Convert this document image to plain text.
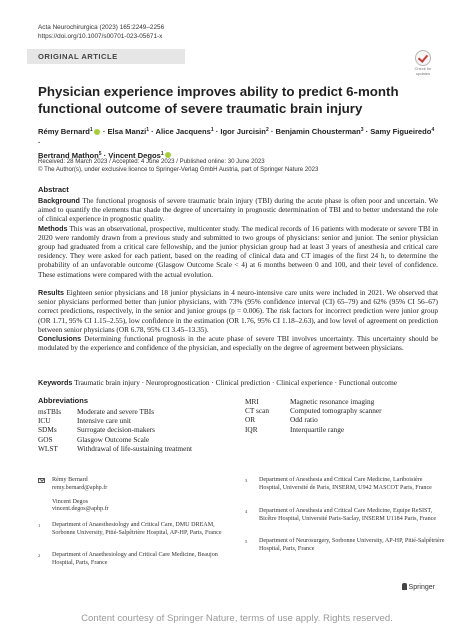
Acta Neurochirurgica (2023) 165:2249–2256
https://doi.org/10.1007/s00701-023-05671-x
ORIGINAL ARTICLE
Check for updates
Physician experience improves ability to predict 6-month functional outcome of severe traumatic brain injury
Rémy Bernard$^1$ · Elsa Manzi$^1$ · Alice Jacquens$^1$ · Igor Jurcisin$^2$ · Benjamin Chousterman$^3$ · Samy Figueiredo$^4$ ·
Bertrand Mathon$^5$ · Vincent Degos$^1$
Received: 28 March 2023 / Accepted: 4 June 2023 / Published online: 30 June 2023
© The Author(s), under exclusive licence to Springer-Verlag GmbH Austria, part of Springer Nature 2023
Abstract

Background The functional prognosis of severe traumatic brain injury (TBI) during the acute phase is often poor and uncertain. We aimed to quantify the elements that shade the degree of uncertainty in prognostic determination of TBI and to better understand the role of clinical experience in prognostic quality.

Methods This was an observational, prospective, multicenter study. The medical records of 16 patients with moderate or severe TBI in 2020 were randomly drawn from a previous study and submitted to two groups of physicians: senior and junior. The senior physician group had graduated from a critical care fellowship, and the junior physician group had at least 3 years of anesthesia and critical care residency. They were asked for each patient, based on the reading of clinical data and CT images of the first 24 h, to determine the probability of an unfavorable outcome (Glasgow Outcome Scale < 4) at 6 months between 0 and 100, and their level of confidence. These estimations were compared with the actual evolution.

Results Eighteen senior physicians and 18 junior physicians in 4 neuro-intensive care units were included in 2021. We observed that senior physicians performed better than junior physicians, with 73% (95% confidence interval (CI) 65–79) and 62% (95% CI 56–67) correct predictions, respectively, in the senior and junior groups (p = 0.006). The risk factors for incorrect prediction were junior group (OR 1.71, 95% CI 1.15–2.55), low confidence in the estimation (OR 1.76, 95% CI 1.18–2.63), and low level of agreement on prediction between senior physicians (OR 6.78, 95% CI 3.45–13.35).

Conclusions Determining functional prognosis in the acute phase of severe TBI involves uncertainty. This uncertainty should be modulated by the experience and confidence of the physician, and especially on the degree of agreement between physicians.

Keywords Traumatic brain injury · Neuroprognostication · Clinical prediction · Clinical experience · Functional outcome

Abbreviations
msTBIs	Moderate and severe TBIs
ICU	Intensive care unit
SDMs	Surrogate decision-makers
GOS	Glasgow Outcome Scale
WLST	Withdrawal of life-sustaining treatment
MRI	Magnetic resonance imaging
CT scan	Computed tomography scanner
OR	Odd ratio
IQR	Interquartile range
Rémy Bernard
remy.bernard@aphp.fr
Vincent Degos
vincent.degos@aphp.fr
1	Department of Anaesthesiology and Critical Care, DMU DREAM, Sorbonne University, Pitié-Salpêtrière Hospital, AP-HP, Paris, France
2	Department of Anaethesiology and Critical Care Medicine, Beaujon Hospital, Paris, France
3	Department of Anesthesia and Critical Care Medicine, Lariboisière Hospital, Université de Paris, INSERM, U942 MASCOT Paris, France
4	Department of Anesthesia and Critical Care Medicine, Equipe ReSIST, Bicêtre Hospital, Université Paris-Saclay, INSERM U1184 Paris, France
5	Department of Neurosurgery, Sorbonne University, AP-HP, Pitié-Salpêtrière Hospital, Paris, France
Springer
Content courtesy of Springer Nature, terms of use apply. Rights reserved.
